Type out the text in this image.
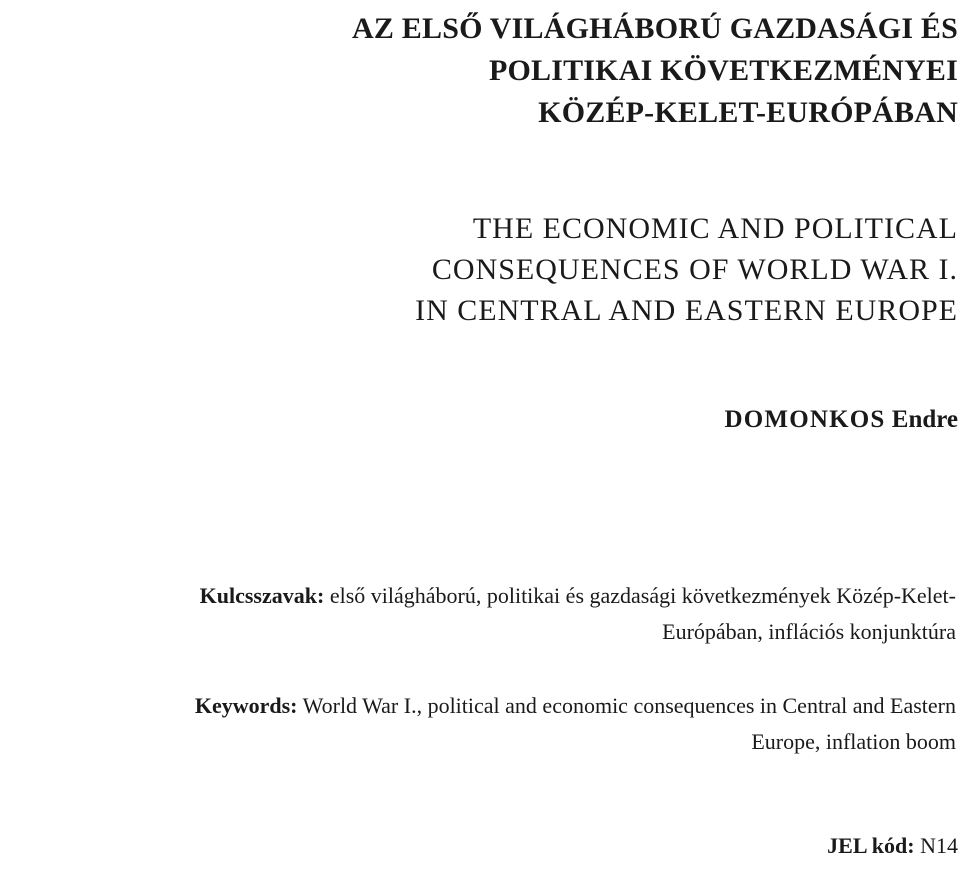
AZ ELSŐ VILÁGHÁBORÚ GAZDASÁGI ÉS
POLITIKAI KÖVETKEZMÉNYEI
KÖZÉP-KELET-EURÓPÁBAN
THE ECONOMIC AND POLITICAL
CONSEQUENCES OF WORLD WAR I.
IN CENTRAL AND EASTERN EUROPE
DOMONKOS Endre
Kulcsszavak: első világháború, politikai és gazdasági következmények Közép-Kelet-
Európában, inflációs konjunktúra
Keywords: World War I., political and economic consequences in Central and Eastern
Europe, inflation boom
JEL kód: N14
